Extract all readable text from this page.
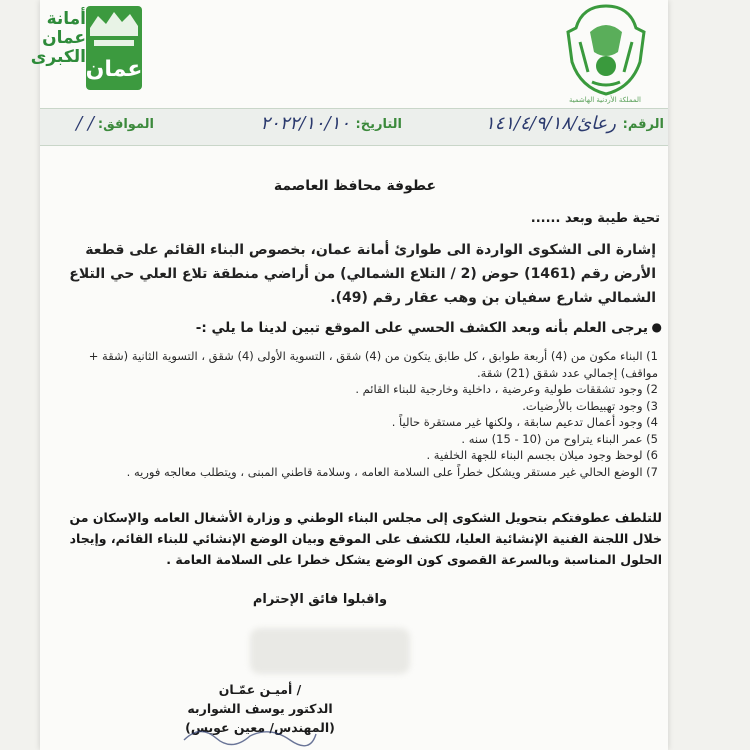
أمانة عمان الكبرى عمان
المملكة الأردنية الهاشمية
الرقم:
رعائ/١٤١/٤/٩/١٨
التاريخ:
٢٠٢٢/١٠/١٠
الموافق:
/ /
عطوفة محافظ العاصمة
تحية طيبة وبعد ......
إشارة الى الشكوى الواردة الى طوارئ أمانة عمان، بخصوص البناء القائم على قطعة الأرض رقم (1461) حوض (2 / التلاع الشمالي) من أراضي منطقة تلاع العلي حي التلاع الشمالي شارع سفيان بن وهب عقار رقم (49).
●
يرجى العلم بأنه وبعد الكشف الحسي على الموقع تبين لدينا ما يلي :-
1) البناء مكون من (4) أربعة طوابق ، كل طابق يتكون من (4) شقق ، التسوية الأولى (4) شقق ، التسوية الثانية (شقة + مواقف) إجمالي عدد شقق (21) شقة.
2) وجود تشققات طولية وعرضية ، داخلية وخارجية للبناء القائم .
3) وجود تهبيطات بالأرضيات.
4) وجود أعمال تدعيم سابقة ، ولكنها غير مستقرة حالياً .
5) عمر البناء يتراوح من (10 - 15) سنه .
6) لوحظ وجود ميلان بجسم البناء للجهة الخلفية .
7) الوضع الحالي غير مستقر ويشكل خطراً على السلامة العامه ، وسلامة قاطني المبنى ، ويتطلب معالجه فوريه .
للتلطف عطوفتكم بتحويل الشكوى إلى مجلس البناء الوطني و وزارة الأشغال العامه والإسكان من خلال اللجنة الفنية الإنشائية العليا، للكشف على الموقع وبيان الوضع الإنشائي للبناء القائم، وإيجاد الحلول المناسبة وبالسرعة القصوى كون الوضع يشكل خطرا على السلامة العامة .
واقبلوا فائق الإحترام
/ أميـن عمّـان
الدكتور يوسف الشواربه
(المهندس/ معين عويس)
